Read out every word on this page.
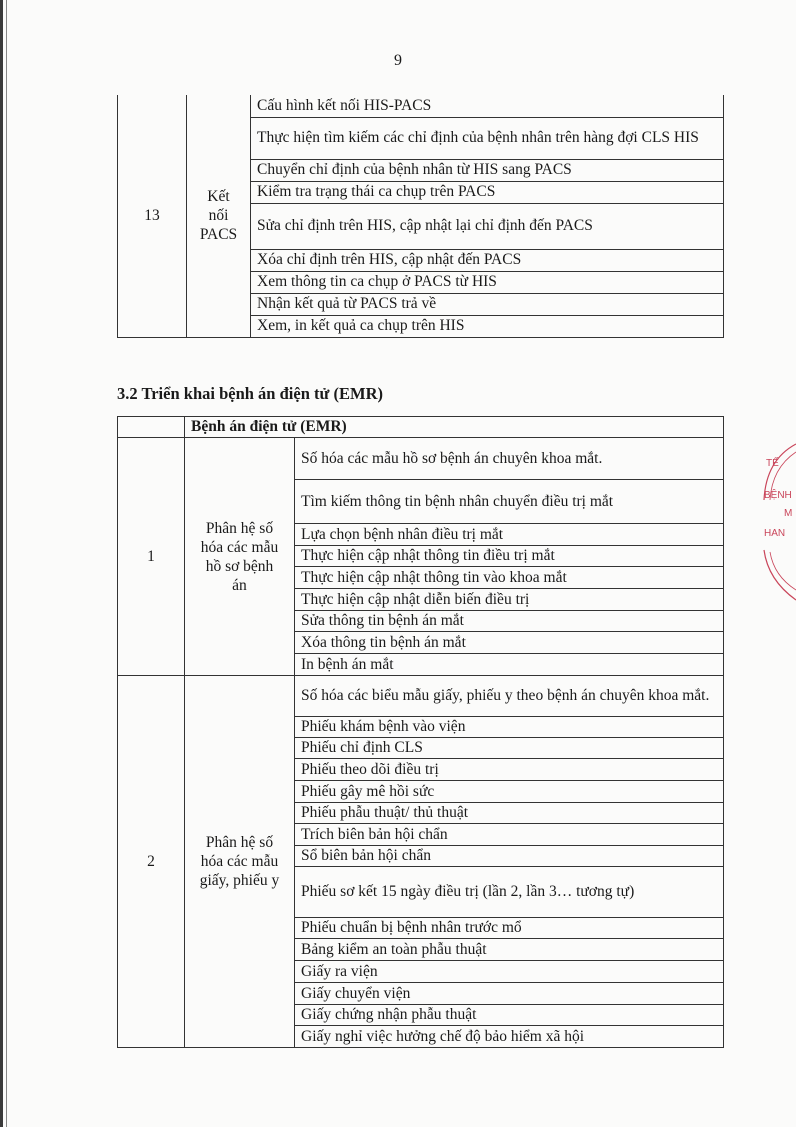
9
13	Kết
nối
PACS	Cấu hình kết nối HIS-PACS
Thực hiện tìm kiếm các chỉ định của bệnh nhân trên hàng đợi CLS HIS
Chuyển chỉ định của bệnh nhân từ HIS sang PACS
Kiểm tra trạng thái ca chụp trên PACS
Sửa chỉ định trên HIS, cập nhật lại chỉ định đến PACS
Xóa chỉ định trên HIS, cập nhật đến PACS
Xem thông tin ca chụp ở PACS từ HIS
Nhận kết quả từ PACS trả về
Xem, in kết quả ca chụp trên HIS
3.2 Triển khai bệnh án điện tử (EMR)
	Bệnh án điện tử (EMR)	
1	Phân hệ số
hóa các mẫu
hồ sơ bệnh
án	Số hóa các mẫu hồ sơ bệnh án chuyên khoa mắt.
		Tìm kiếm thông tin bệnh nhân chuyển điều trị mắt
		Lựa chọn bệnh nhân điều trị mắt
		Thực hiện cập nhật thông tin điều trị mắt
		Thực hiện cập nhật thông tin vào khoa mắt
		Thực hiện cập nhật diễn biến điều trị
		Sửa thông tin bệnh án mắt
		Xóa thông tin bệnh án mắt
		In bệnh án mắt
2	Phân hệ số
hóa các mẫu
giấy, phiếu y	Số hóa các biểu mẫu giấy, phiếu y theo bệnh án chuyên khoa mắt.
		Phiếu khám bệnh vào viện
		Phiếu chỉ định CLS
		Phiếu theo dõi điều trị
		Phiếu gây mê hồi sức
		Phiếu phẫu thuật/ thủ thuật
		Trích biên bản hội chẩn
		Sổ biên bản hội chẩn
		Phiếu sơ kết 15 ngày điều trị (lần 2, lần 3… tương tự)
		Phiếu chuẩn bị bệnh nhân trước mổ
		Bảng kiểm an toàn phẫu thuật
		Giấy ra viện
		Giấy chuyển viện
		Giấy chứng nhận phẫu thuật
		Giấy nghỉ việc hưởng chế độ bảo hiểm xã hội
TẾ
BỆNH
M
HAN
